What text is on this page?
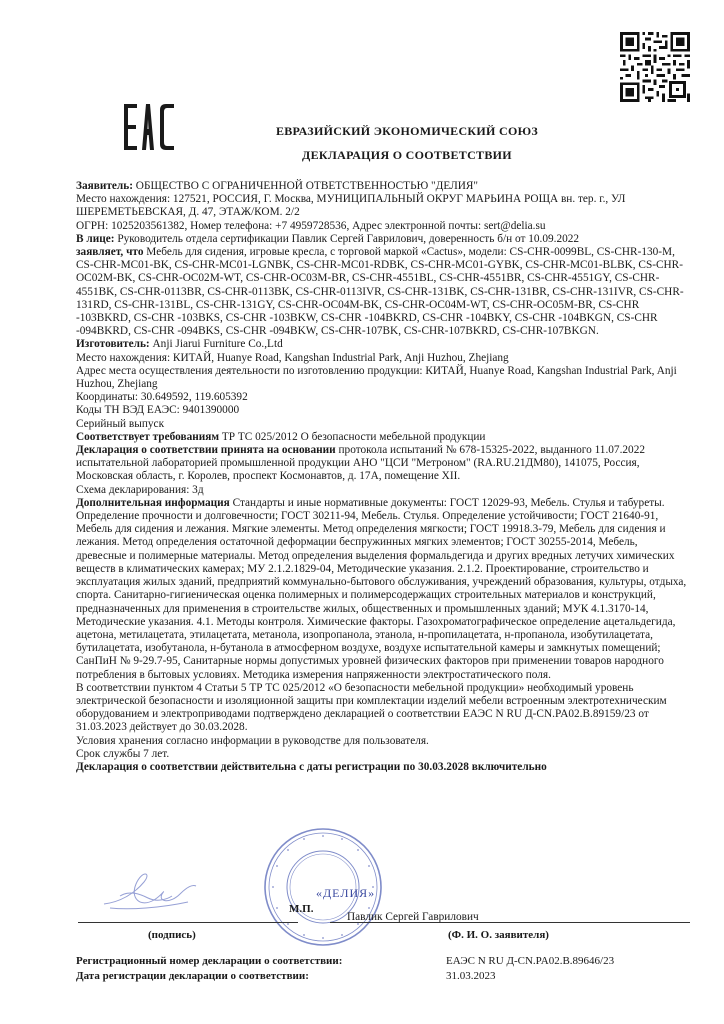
ЕВРАЗИЙСКИЙ ЭКОНОМИЧЕСКИЙ СОЮЗ
ДЕКЛАРАЦИЯ О СООТВЕТСТВИИ

Заявитель: ОБЩЕСТВО С ОГРАНИЧЕННОЙ ОТВЕТСТВЕННОСТЬЮ "ДЕЛИЯ"

Место нахождения: 127521, РОССИЯ, Г. Москва, МУНИЦИПАЛЬНЫЙ ОКРУГ МАРЬИНА РОЩА вн. тер. г., УЛ ШЕРЕМЕТЬЕВСКАЯ, Д. 47, ЭТАЖ/КОМ. 2/2

ОГРН: 1025203561382, Номер телефона: +7 4959728536, Адрес электронной почты: sert@delia.su

В лице: Руководитель отдела сертификации Павлик Сергей Гаврилович, доверенность б/н от 10.09.2022

заявляет, что Мебель для сидения, игровые кресла, с торговой маркой «Cactus», модели: CS-CHR-0099BL, CS-CHR-130-M, CS-CHR-MC01-BK, CS-CHR-MC01-LGNBK, CS-CHR-MC01-RDBK, CS-CHR-MC01-GYBK, CS-CHR-MC01-BLBK, CS-CHR-OC02M-BK, CS-CHR-OC02M-WT, CS-CHR-OC03M-BR, CS-CHR-4551BL, CS-CHR-4551BR, CS-CHR-4551GY, CS-CHR-4551BK, CS-CHR-0113BR, CS-CHR-0113BK, CS-CHR-0113IVR, CS-CHR-131BK, CS-CHR-131BR, CS-CHR-131IVR, CS-CHR-131RD, CS-CHR-131BL, CS-CHR-131GY, CS-CHR-OC04M-BK, CS-CHR-OC04M-WT, CS-CHR-OC05M-BR, CS-CHR -103BKRD, CS-CHR -103BKS, CS-CHR -103BKW, CS-CHR -104BKRD, CS-CHR -104BKY, CS-CHR -104BKGN, CS-CHR -094BKRD, CS-CHR -094BKS, CS-CHR -094BKW, CS-CHR-107BK, CS-CHR-107BKRD, CS-CHR-107BKGN.

Изготовитель: Anji Jiarui Furniture Co.,Ltd

Место нахождения: КИТАЙ, Huanye Road, Kangshan Industrial Park, Anji Huzhou, Zhejiang

Адрес места осуществления деятельности по изготовлению продукции: КИТАЙ, Huanye Road, Kangshan Industrial Park, Anji Huzhou, Zhejiang

Координаты: 30.649592, 119.605392

Коды ТН ВЭД ЕАЭС: 9401390000

Серийный выпуск

Соответствует требованиям ТР ТС 025/2012 О безопасности мебельной продукции

Декларация о соответствии принята на основании протокола испытаний № 678-15325-2022, выданного 11.07.2022 испытательной лабораторией промышленной продукции АНО "ЦСИ "Метроном" (RA.RU.21ДМ80), 141075, Россия, Московская область, г. Королев, проспект Космонавтов, д. 17А, помещение XII.

Схема декларирования: 3д

Дополнительная информация Стандарты и иные нормативные документы: ГОСТ 12029-93, Мебель. Стулья и табуреты. Определение прочности и долговечности; ГОСТ 30211-94, Мебель. Стулья. Определение устойчивости; ГОСТ 21640-91, Мебель для сидения и лежания. Мягкие элементы. Метод определения мягкости; ГОСТ 19918.3-79, Мебель для сидения и лежания. Метод определения остаточной деформации беспружинных мягких элементов; ГОСТ 30255-2014, Мебель, древесные и полимерные материалы. Метод определения выделения формальдегида и других вредных летучих химических веществ в климатических камерах; МУ 2.1.2.1829-04, Методические указания. 2.1.2. Проектирование, строительство и эксплуатация жилых зданий, предприятий коммунально-бытового обслуживания, учреждений образования, культуры, отдыха, спорта. Санитарно-гигиеническая оценка полимерных и полимерсодержащих строительных материалов и конструкций, предназначенных для применения в строительстве жилых, общественных и промышленных зданий; МУК 4.1.3170-14, Методические указания. 4.1. Методы контроля. Химические факторы. Газохроматографическое определение ацетальдегида, ацетона, метилацетата, этилацетата, метанола, изопропанола, этанола, н-пропилацетата, н-пропанола, изобутилацетата, бутилацетата, изобутанола, н-бутанола в атмосферном воздухе, воздухе испытательной камеры и замкнутых помещений; СанПиН № 9-29.7-95, Санитарные нормы допустимых уровней физических факторов при применении товаров народного потребления в бытовых условиях. Методика измерения напряженности электростатического поля.

В соответствии пунктом 4 Статьи 5 ТР ТС 025/2012 «О безопасности мебельной продукции» необходимый уровень электрической безопасности и изоляционной защиты при комплектации изделий мебели встроенным электротехническим оборудованием и электроприводами подтверждено декларацией о соответствии ЕАЭС N RU Д-CN.PA02.B.89159/23 от 31.03.2023 действует до 30.03.2028.

Условия хранения согласно информации в руководстве для пользователя.

Срок службы 7 лет.

Декларация о соответствии действительна с даты регистрации по 30.03.2028 включительно

«ДЕЛИЯ»
М.П.
Павлик Сергей Гаврилович
(подпись)	(Ф. И. О. заявителя)
Регистрационный номер декларации о соответствии:	ЕАЭС N RU Д-CN.PA02.B.89646/23
Дата регистрации декларации о соответствии:	31.03.2023
